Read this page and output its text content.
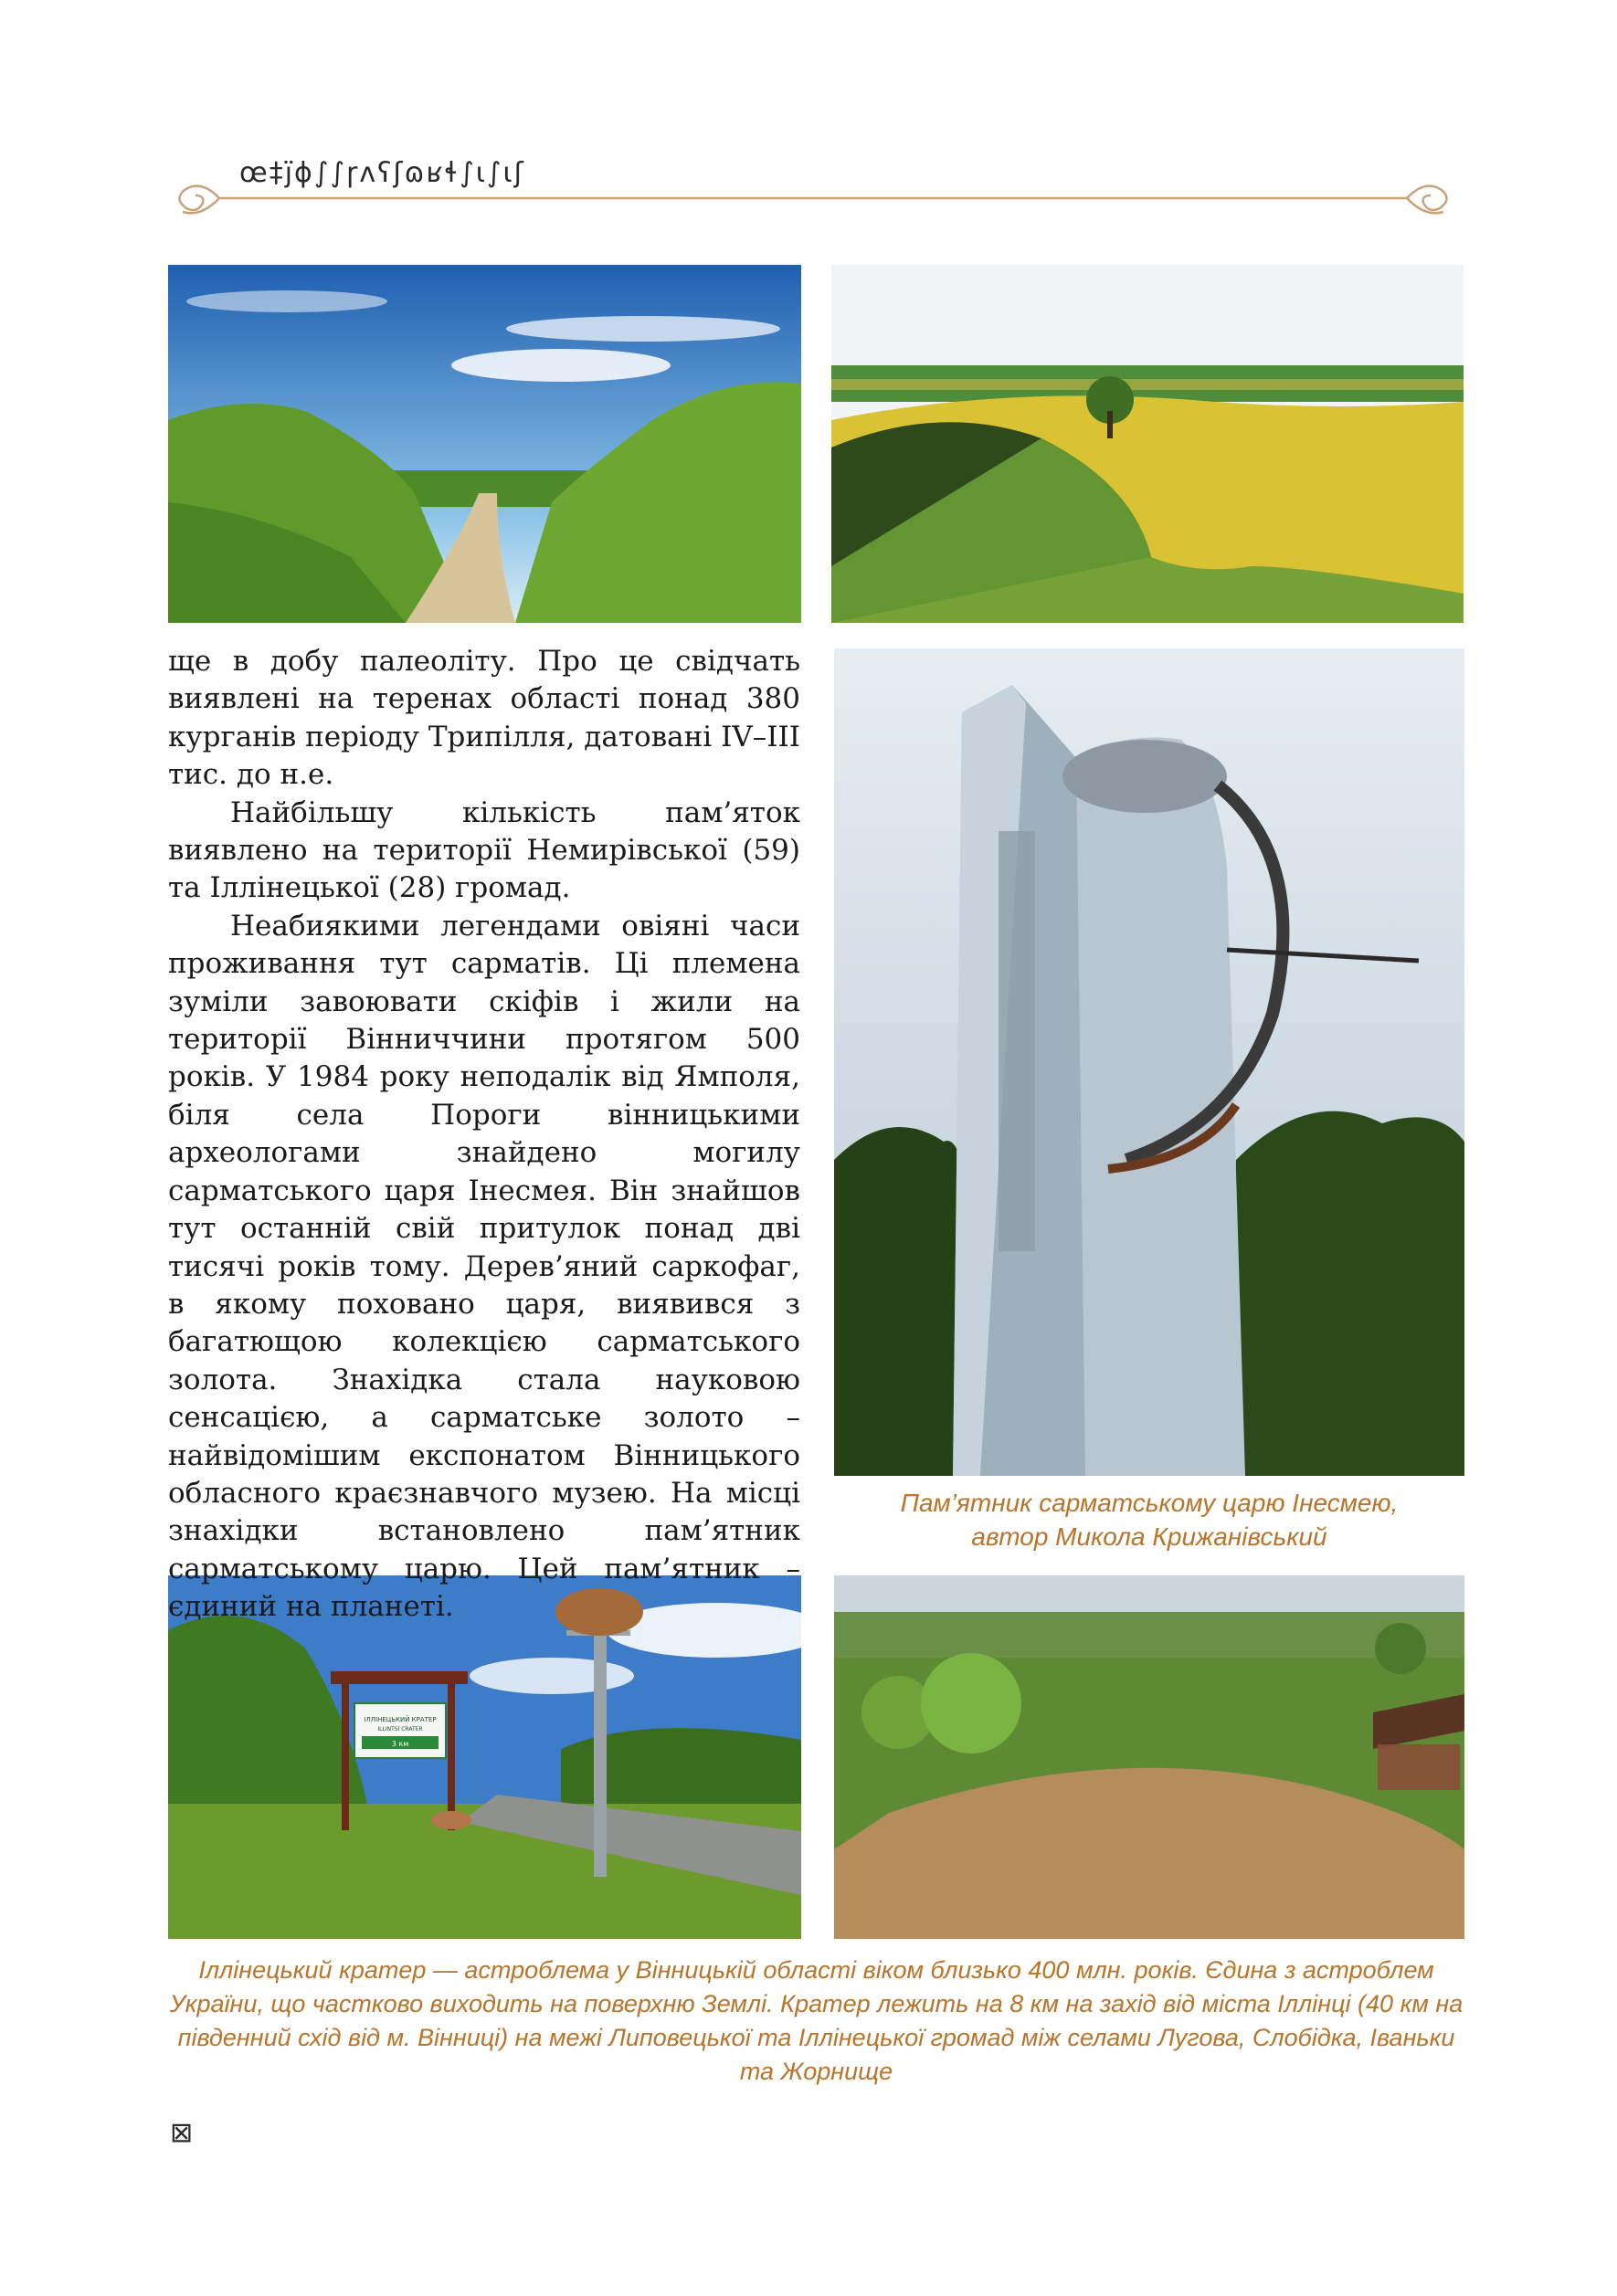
œ‡j̈ɸ∫∫ɼʌʕʃɷʁɬ∫ɩ∫ɩʃ
ІЛЛІНЕЦЬКИЙ КРАТЕР
ILLINTSI CRATER
3 км

ще в добу палеоліту. Про це свідчать виявлені на теренах області понад 380 курганів періоду Трипілля, датовані IV–III тис. до н.е.

Найбільшу кількість пам’яток виявлено на території Немирівської (59) та Іллінецької (28) громад.

Неабиякими легендами овіяні часи проживання тут сарматів. Ці племена зуміли завоювати скіфів і жили на території Вінниччини протягом 500 років. У 1984 року неподалік від Ямполя, біля села Пороги вінницькими археологами знайдено могилу сарматського царя Інесмея. Він знайшов тут останній свій притулок понад дві тисячі років тому. Дерев’яний саркофаг, в якому поховано царя, виявився з багатющою колекцією сарматського золота. Знахідка стала науковою сенсацією, а сарматське золото – найвідомішим експонатом Вінницького обласного краєзнавчого музею. На місці знахідки встановлено пам’ятник сарматському царю. Цей пам’ятник – єдиний на планеті.

Пам’ятник сарматському царю Інесмею,
автор Микола Крижанівський

Іллінецький кратер — астроблема у Вінницькій області віком близько 400 млн. років. Єдина з астроблем України, що частково виходить на поверхню Землі. Кратер лежить на 8 км на захід від міста Іллінці (40 км на південний схід від м. Вінниці) на межі Липовецької та Іллінецької громад між селами Лугова, Слобідка, Іваньки та Жорнище

⊠
